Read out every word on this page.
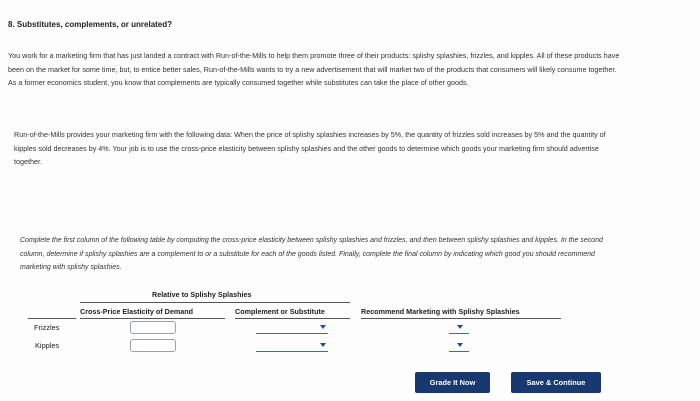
8. Substitutes, complements, or unrelated?
You work for a marketing firm that has just landed a contract with Run-of-the-Mills to help them promote three of their products: splishy splashies, frizzles, and kipples. All of these products have been on the market for some time, but, to entice better sales, Run-of-the-Mills wants to try a new advertisement that will market two of the products that consumers will likely consume together. As a former economics student, you know that complements are typically consumed together while substitutes can take the place of other goods.
Run-of-the-Mills provides your marketing firm with the following data: When the price of splishy splashies increases by 5%, the quantity of frizzles sold increases by 5% and the quantity of kipples sold decreases by 4%. Your job is to use the cross-price elasticity between splishy splashies and the other goods to determine which goods your marketing firm should advertise together.
Complete the first column of the following table by computing the cross-price elasticity between splishy splashies and frizzles, and then between splishy splashies and kipples. In the second column, determine if splishy splashies are a complement to or a substitute for each of the goods listed. Finally, complete the final column by indicating which good you should recommend marketing with splishy splashies.
Relative to Splishy Splashies
Cross-Price Elasticity of Demand	Complement or Substitute	Recommend Marketing with Splishy Splashies
Frizzles
Kipples
Grade It Now	Save & Continue
